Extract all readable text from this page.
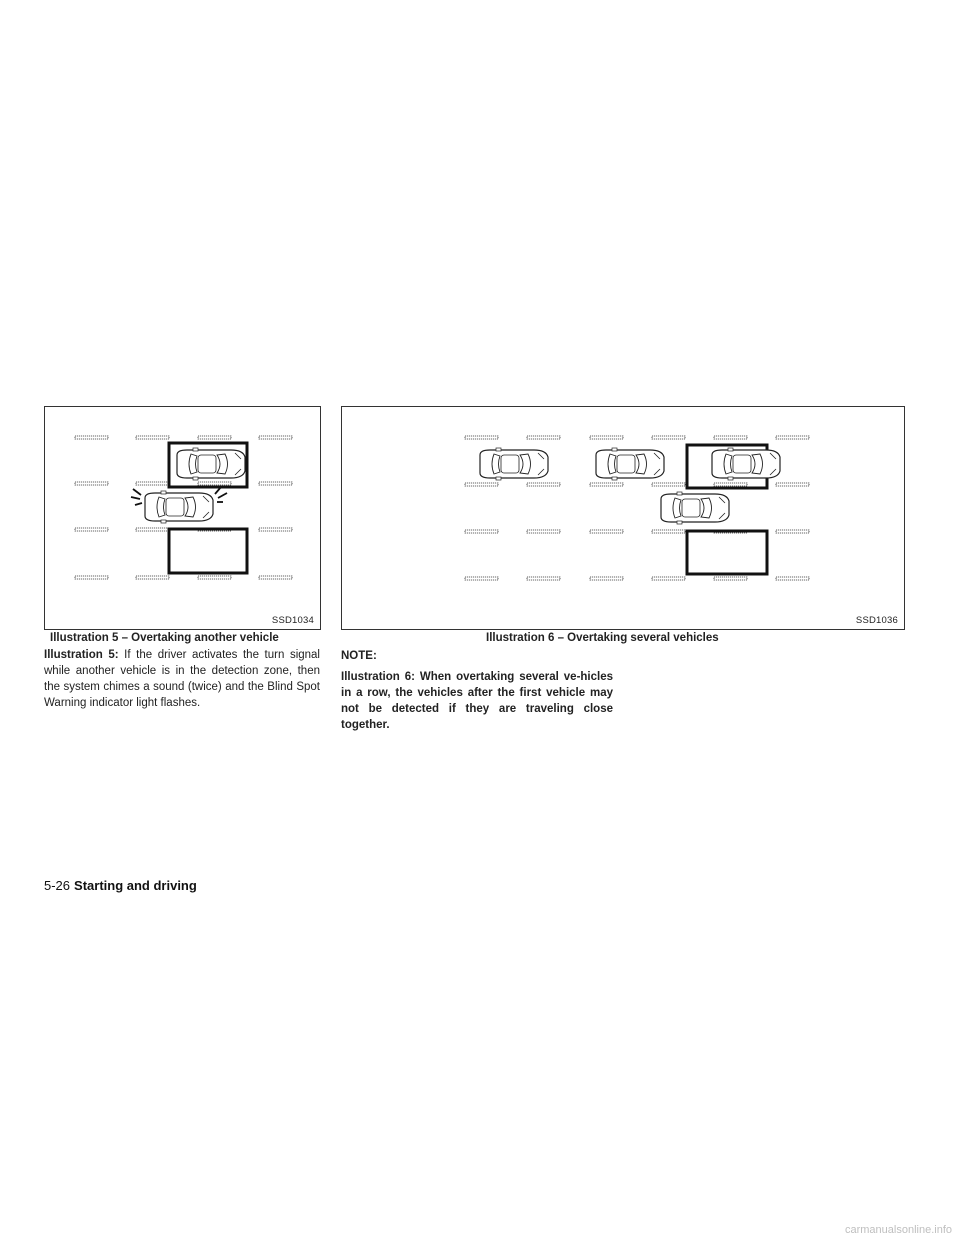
SSD1034	SSD1036
Illustration 5 – Overtaking another vehicle	Illustration 6 – Overtaking several vehicles

Illustration 5: If the driver activates the turn signal while another vehicle is in the detection zone, then the system chimes a sound (twice) and the Blind Spot Warning indicator light flashes.

NOTE:

Illustration 6: When overtaking several ve-hicles in a row, the vehicles after the first vehicle may not be detected if they are traveling close together.

5-26 Starting and driving
carmanualsonline.info
